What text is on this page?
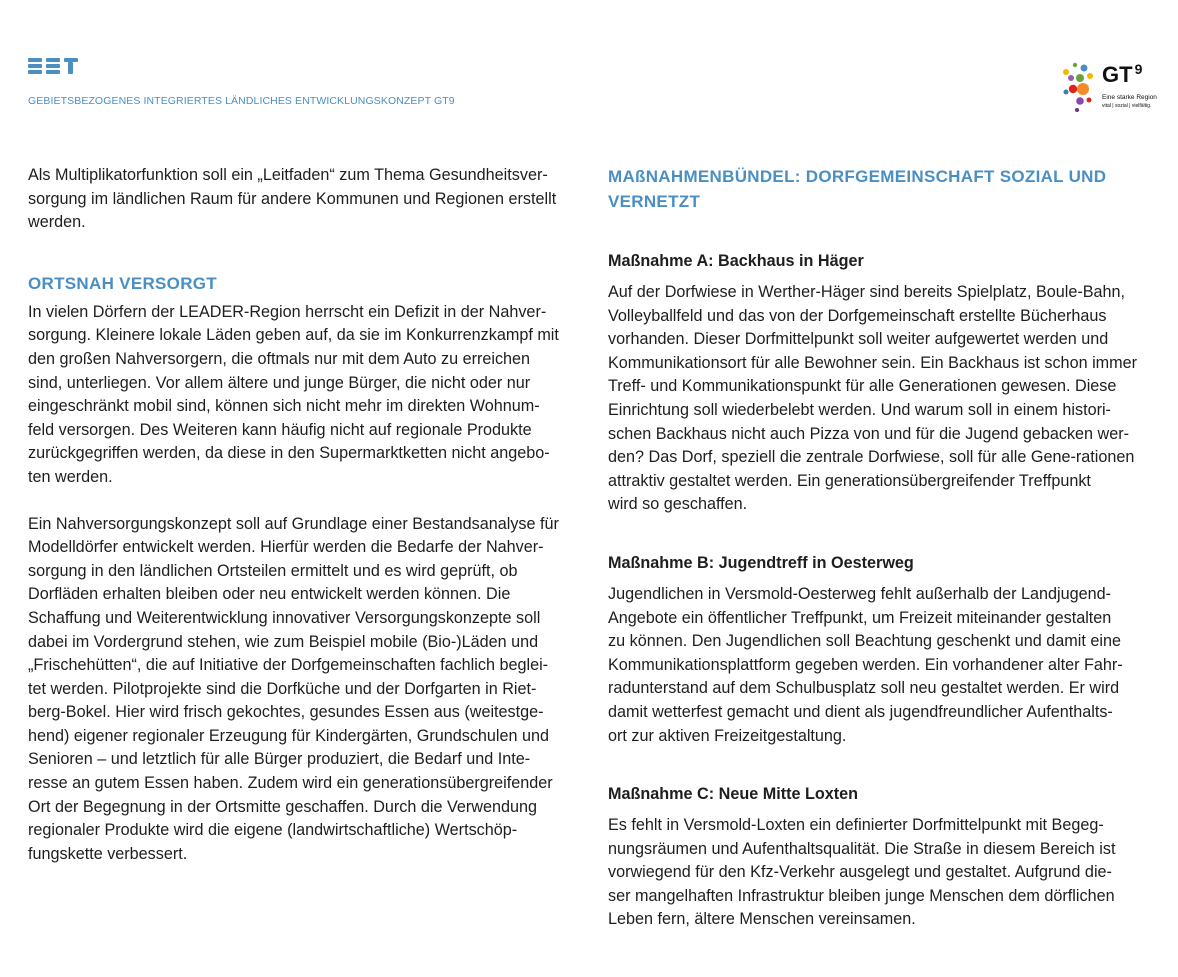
GEBIETSBEZOGENES INTEGRIERTES LÄNDLICHES ENTWICKLUNGSKONZEPT GT9
GT $^9$
Eine starke Region
vital | sozial | vielfältig.

Als Multiplikatorfunktion soll ein „Leitfaden“ zum Thema Gesundheitsver-
sorgung im ländlichen Raum für andere Kommunen und Regionen erstellt
werden.

ORTSNAH VERSORGT

In vielen Dörfern der LEADER-Region herrscht ein Defizit in der Nahver-
sorgung. Kleinere lokale Läden geben auf, da sie im Konkurrenzkampf mit
den großen Nahversorgern, die oftmals nur mit dem Auto zu erreichen
sind, unterliegen. Vor allem ältere und junge Bürger, die nicht oder nur
eingeschränkt mobil sind, können sich nicht mehr im direkten Wohnum-
feld versorgen. Des Weiteren kann häufig nicht auf regionale Produkte
zurückgegriffen werden, da diese in den Supermarktketten nicht angebo-
ten werden.

Ein Nahversorgungskonzept soll auf Grundlage einer Bestandsanalyse für
Modelldörfer entwickelt werden. Hierfür werden die Bedarfe der Nahver-
sorgung in den ländlichen Ortsteilen ermittelt und es wird geprüft, ob
Dorfläden erhalten bleiben oder neu entwickelt werden können. Die
Schaffung und Weiterentwicklung innovativer Versorgungskonzepte soll
dabei im Vordergrund stehen, wie zum Beispiel mobile (Bio-)Läden und
„Frischehütten“, die auf Initiative der Dorfgemeinschaften fachlich beglei-
tet werden. Pilotprojekte sind die Dorfküche und der Dorfgarten in Riet-
berg-Bokel. Hier wird frisch gekochtes, gesundes Essen aus (weitestge-
hend) eigener regionaler Erzeugung für Kindergärten, Grundschulen und
Senioren – und letztlich für alle Bürger produziert, die Bedarf und Inte-
resse an gutem Essen haben. Zudem wird ein generationsübergreifender
Ort der Begegnung in der Ortsmitte geschaffen. Durch die Verwendung
regionaler Produkte wird die eigene (landwirtschaftliche) Wertschöp-
fungskette verbessert.

MAßNAHMENBÜNDEL: DORFGEMEINSCHAFT SOZIAL UND
VERNETZT
Maßnahme A: Backhaus in Häger

Auf der Dorfwiese in Werther-Häger sind bereits Spielplatz, Boule-Bahn,
Volleyballfeld und das von der Dorfgemeinschaft erstellte Bücherhaus
vorhanden. Dieser Dorfmittelpunkt soll weiter aufgewertet werden und
Kommunikationsort für alle Bewohner sein. Ein Backhaus ist schon immer
Treff- und Kommunikationspunkt für alle Generationen gewesen. Diese
Einrichtung soll wiederbelebt werden. Und warum soll in einem histori-
schen Backhaus nicht auch Pizza von und für die Jugend gebacken wer-
den? Das Dorf, speziell die zentrale Dorfwiese, soll für alle Gene-rationen
attraktiv gestaltet werden. Ein generationsübergreifender Treffpunkt
wird so geschaffen.

Maßnahme B: Jugendtreff in Oesterweg

Jugendlichen in Versmold-Oesterweg fehlt außerhalb der Landjugend-
Angebote ein öffentlicher Treffpunkt, um Freizeit miteinander gestalten
zu können. Den Jugendlichen soll Beachtung geschenkt und damit eine
Kommunikationsplattform gegeben werden. Ein vorhandener alter Fahr-
radunterstand auf dem Schulbusplatz soll neu gestaltet werden. Er wird
damit wetterfest gemacht und dient als jugendfreundlicher Aufenthalts-
ort zur aktiven Freizeitgestaltung.

Maßnahme C: Neue Mitte Loxten

Es fehlt in Versmold-Loxten ein definierter Dorfmittelpunkt mit Begeg-
nungsräumen und Aufenthaltsqualität. Die Straße in diesem Bereich ist
vorwiegend für den Kfz-Verkehr ausgelegt und gestaltet. Aufgrund die-
ser mangelhaften Infrastruktur bleiben junge Menschen dem dörflichen
Leben fern, ältere Menschen vereinsamen.
